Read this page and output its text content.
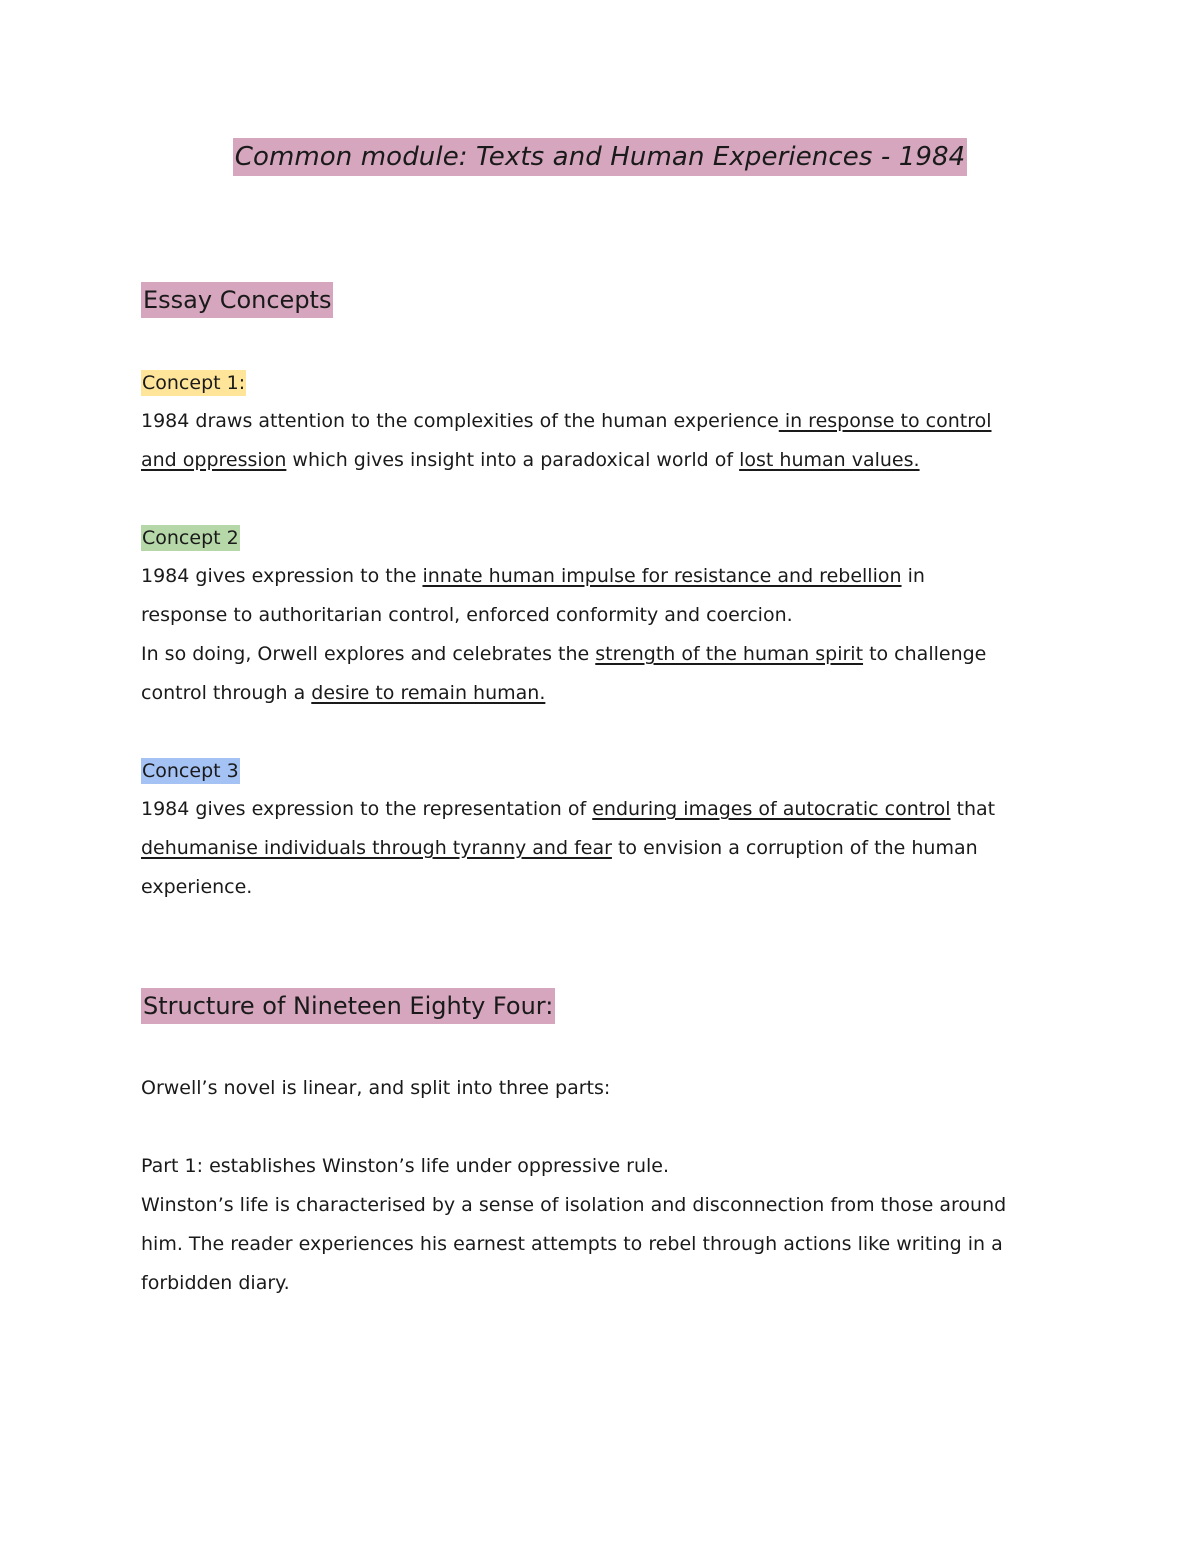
Common module: Texts and Human Experiences - 1984
Essay Concepts
Concept 1:
1984 draws attention to the complexities of the human experience in response to control
and oppression which gives insight into a paradoxical world of lost human values.
Concept 2
1984 gives expression to the innate human impulse for resistance and rebellion in
response to authoritarian control, enforced conformity and coercion.
In so doing, Orwell explores and celebrates the strength of the human spirit to challenge
control through a desire to remain human.
Concept 3
1984 gives expression to the representation of enduring images of autocratic control that
dehumanise individuals through tyranny and fear to envision a corruption of the human
experience.
Structure of Nineteen Eighty Four:
Orwell’s novel is linear, and split into three parts:
Part 1: establishes Winston’s life under oppressive rule.
Winston’s life is characterised by a sense of isolation and disconnection from those around
him. The reader experiences his earnest attempts to rebel through actions like writing in a
forbidden diary.
